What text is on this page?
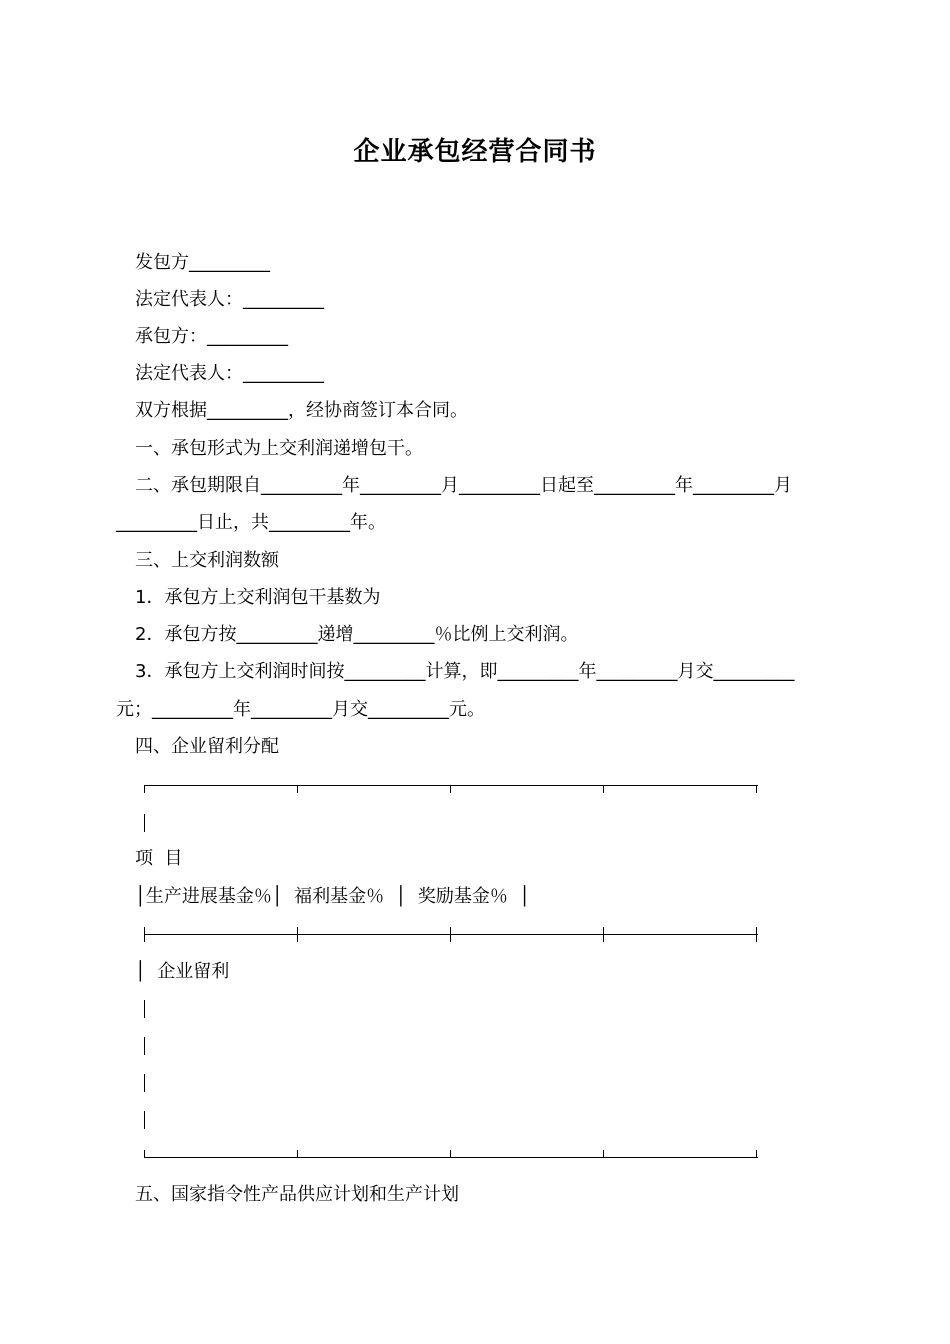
企业承包经营合同书
发包方_________
法定代表人：_________
承包方：_________
法定代表人：_________
双方根据_________，经协商签订本合同。
一、承包形式为上交利润递增包干。
二、承包期限自_________年_________月_________日起至_________年_________月
_________日止，共_________年。
三、上交利润数额
1．承包方上交利润包干基数为
2．承包方按_________递增_________％比例上交利润。
3．承包方上交利润时间按_________计算，即_________年_________月交_________
元；_________年_________月交_________元。
四、企业留利分配
项  目
│生产进展基金％│  福利基金％  │  奖励基金％  │
│  企业留利
五、国家指令性产品供应计划和生产计划
